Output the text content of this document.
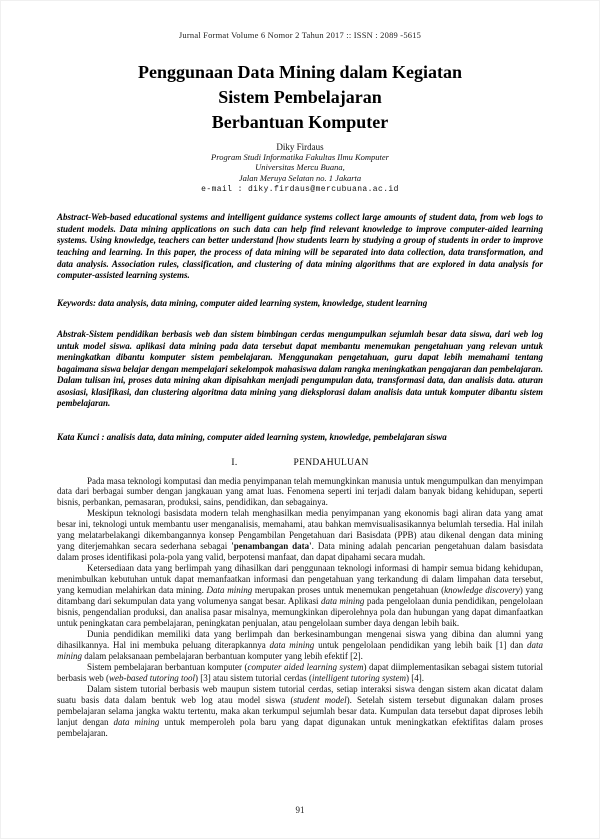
Jurnal Format Volume 6 Nomor 2 Tahun 2017 :: ISSN : 2089 -5615
Penggunaan Data Mining dalam Kegiatan
Sistem Pembelajaran
Berbantuan Komputer
Diky Firdaus
Program Studi Informatika Fakultas Ilmu Komputer
Universitas Mercu Buana,
Jalan Meruya Selatan no. 1 Jakarta
e-mail : diky.firdaus@mercubuana.ac.id

Abstract-Web-based educational systems and intelligent guidance systems collect large amounts of student data, from web logs to student models. Data mining applications on such data can help find relevant knowledge to improve computer-aided learning systems. Using knowledge, teachers can better understand [how students learn by studying a group of students in order to improve teaching and learning. In this paper, the process of data mining will be separated into data collection, data transformation, and data analysis. Association rules, classification, and clustering of data mining algorithms that are explored in data analysis for computer-assisted learning systems.

Keywords: data analysis, data mining, computer aided learning system, knowledge, student learning

Abstrak-Sistem pendidikan berbasis web dan sistem bimbingan cerdas mengumpulkan sejumlah besar data siswa, dari web log untuk model siswa. aplikasi data mining pada data tersebut dapat membantu menemukan pengetahuan yang relevan untuk meningkatkan dibantu komputer sistem pembelajaran. Menggunakan pengetahuan, guru dapat lebih memahami tentang bagaimana siswa belajar dengan mempelajari sekelompok mahasiswa dalam rangka meningkatkan pengajaran dan pembelajaran. Dalam tulisan ini, proses data mining akan dipisahkan menjadi pengumpulan data, transformasi data, dan analisis data. aturan asosiasi, klasifikasi, dan clustering algoritma data mining yang dieksplorasi dalam analisis data untuk komputer dibantu sistem pembelajaran.

Kata Kunci : analisis data, data mining, computer aided learning system, knowledge, pembelajaran siswa

I.	PENDAHULUAN

Pada masa teknologi komputasi dan media penyimpanan telah memungkinkan manusia untuk mengumpulkan dan menyimpan data dari berbagai sumber dengan jangkauan yang amat luas. Fenomena seperti ini terjadi dalam banyak bidang kehidupan, seperti bisnis, perbankan, pemasaran, produksi, sains, pendidikan, dan sebagainya.

Meskipun teknologi basisdata modern telah menghasilkan media penyimpanan yang ekonomis bagi aliran data yang amat besar ini, teknologi untuk membantu user menganalisis, memahami, atau bahkan memvisualisasikannya belumlah tersedia. Hal inilah yang melatarbelakangi dikembangannya konsep Pengambilan Pengetahuan dari Basisdata (PPB) atau dikenal dengan data mining yang diterjemahkan secara sederhana sebagai 'penambangan data'. Data mining adalah pencarian pengetahuan dalam basisdata dalam proses identifikasi pola-pola yang valid, berpotensi manfaat, dan dapat dipahami secara mudah.

Ketersediaan data yang berlimpah yang dihasilkan dari penggunaan teknologi informasi di hampir semua bidang kehidupan, menimbulkan kebutuhan untuk dapat memanfaatkan informasi dan pengetahuan yang terkandung di dalam limpahan data tersebut, yang kemudian melahirkan data mining. Data mining merupakan proses untuk menemukan pengetahuan (knowledge discovery) yang ditambang dari sekumpulan data yang volumenya sangat besar. Aplikasi data mining pada pengelolaan dunia pendidikan, pengelolaan bisnis, pengendalian produksi, dan analisa pasar misalnya, memungkinkan diperolehnya pola dan hubungan yang dapat dimanfaatkan untuk peningkatan cara pembelajaran, peningkatan penjualan, atau pengelolaan sumber daya dengan lebih baik.

Dunia pendidikan memiliki data yang berlimpah dan berkesinambungan mengenai siswa yang dibina dan alumni yang dihasilkannya. Hal ini membuka peluang diterapkannya data mining untuk pengelolaan pendidikan yang lebih baik [1] dan data mining dalam pelaksanaan pembelajaran berbantuan komputer yang lebih efektif [2].

Sistem pembelajaran berbantuan komputer (computer aided learning system) dapat diimplementasikan sebagai sistem tutorial berbasis web (web-based tutoring tool) [3] atau sistem tutorial cerdas (intelligent tutoring system) [4].

Dalam sistem tutorial berbasis web maupun sistem tutorial cerdas, setiap interaksi siswa dengan sistem akan dicatat dalam suatu basis data dalam bentuk web log atau model siswa (student model). Setelah sistem tersebut digunakan dalam proses pembelajaran selama jangka waktu tertentu, maka akan terkumpul sejumlah besar data. Kumpulan data tersebut dapat diproses lebih lanjut dengan data mining untuk memperoleh pola baru yang dapat digunakan untuk meningkatkan efektifitas dalam proses pembelajaran.

91
